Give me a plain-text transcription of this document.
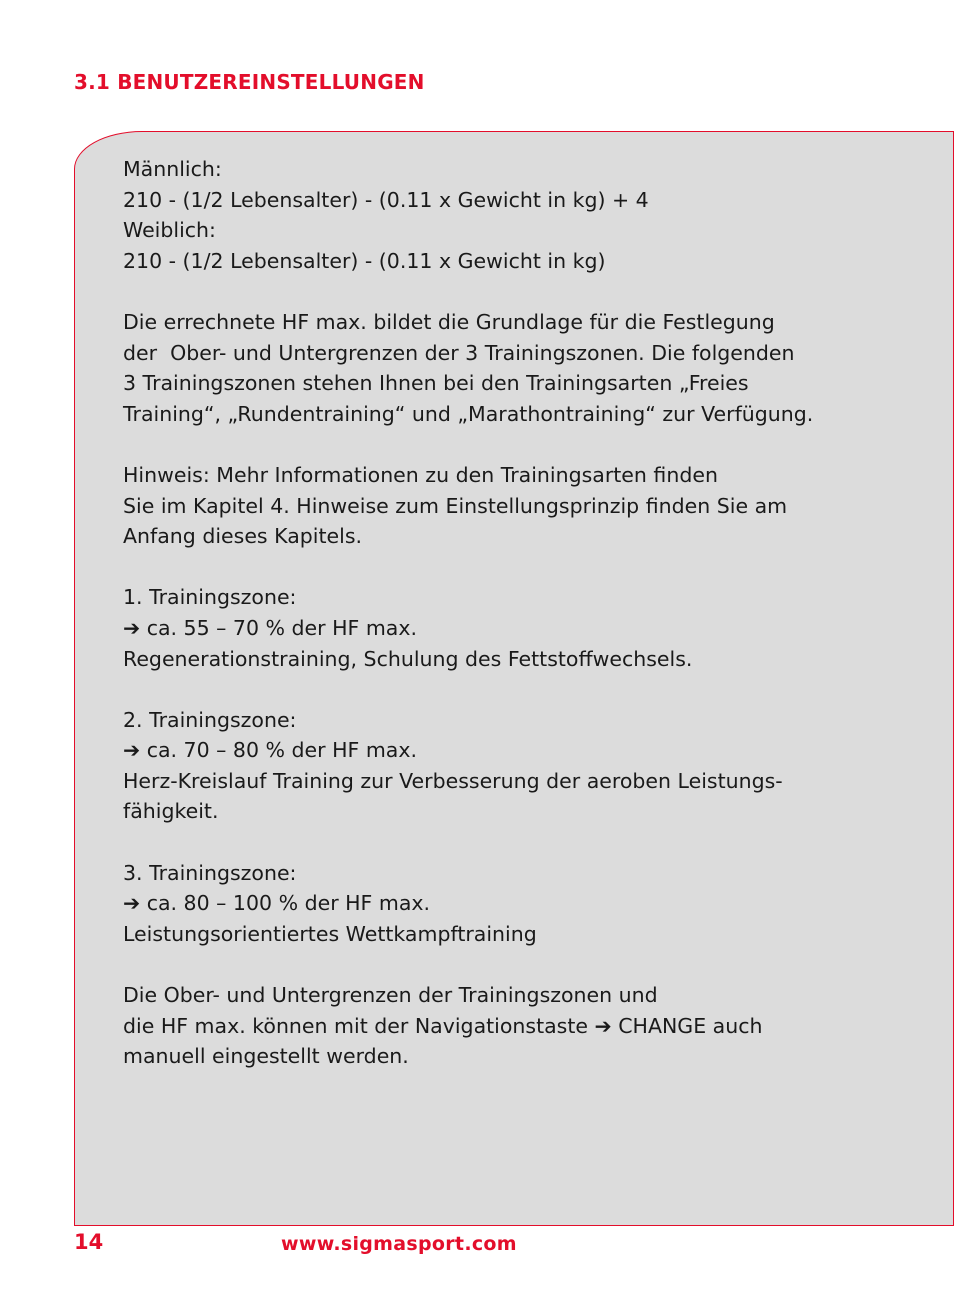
3.1 BENUTZEREINSTELLUNGEN
Männlich:
210 - (1/2 Lebensalter) - (0.11 x Gewicht in kg) + 4
Weiblich:
210 - (1/2 Lebensalter) - (0.11 x Gewicht in kg)
Die errechnete HF max. bildet die Grundlage für die Festlegung
der  Ober- und Untergrenzen der 3 Trainingszonen. Die folgenden
3 Trainingszonen stehen Ihnen bei den Trainingsarten „Freies
Training“, „Rundentraining“ und „Marathontraining“ zur Verfügung.
Hinweis: Mehr Informationen zu den Trainingsarten finden
Sie im Kapitel 4. Hinweise zum Einstellungsprinzip finden Sie am
Anfang dieses Kapitels.
1. Trainingszone:
➔ ca. 55 – 70 % der HF max.
Regenerationstraining, Schulung des Fettstoffwechsels.
2. Trainingszone:
➔ ca. 70 – 80 % der HF max.
Herz-Kreislauf Training zur Verbesserung der aeroben Leistungs-
fähigkeit.
3. Trainingszone:
➔ ca. 80 – 100 % der HF max.
Leistungsorientiertes Wettkampftraining
Die Ober- und Untergrenzen der Trainingszonen und
die HF max. können mit der Navigationstaste ➔ CHANGE auch
manuell eingestellt werden.
14	www.sigmasport.com
